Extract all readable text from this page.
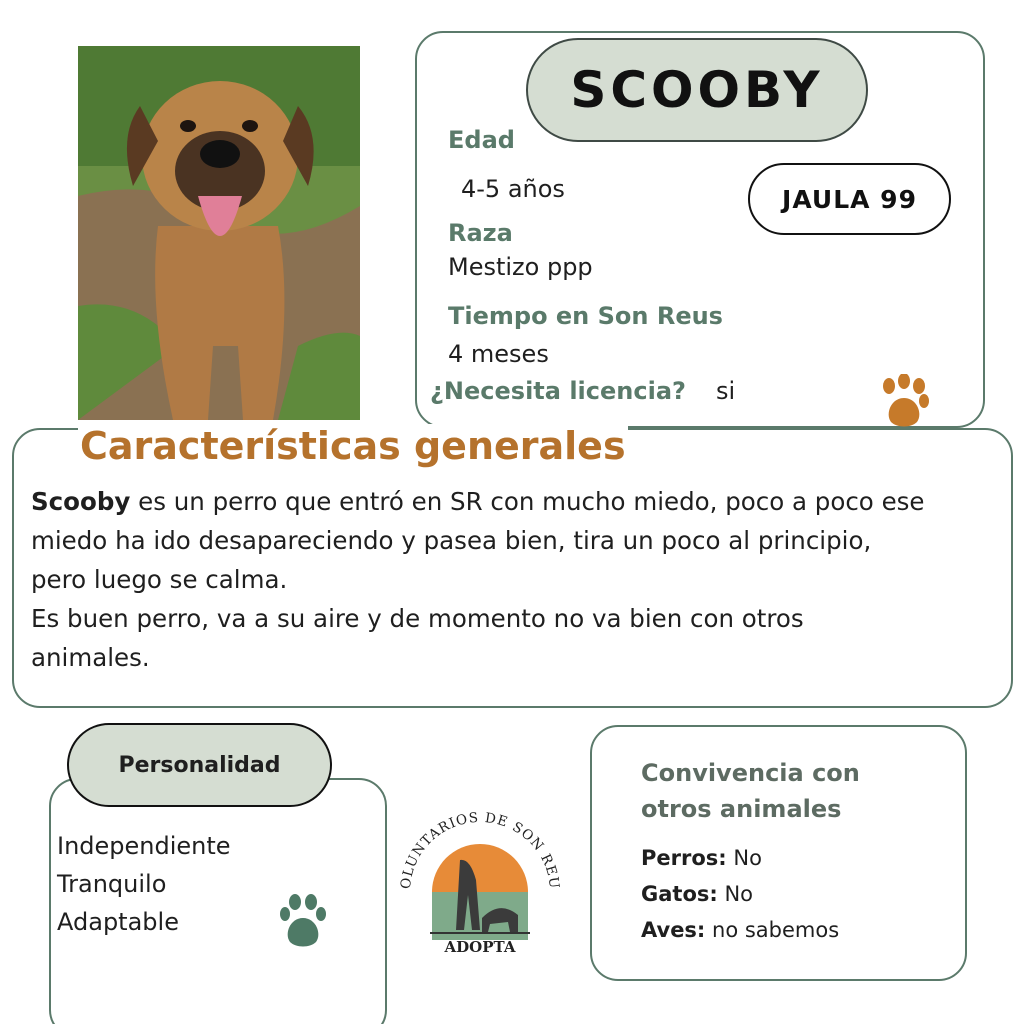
SCOOBY
JAULA 99
Edad
4-5 años
Raza
Mestizo ppp
Tiempo en Son Reus
4 meses
¿Necesita licencia? si
Características generales
Scooby es un perro que entró en SR con mucho miedo, poco a poco ese
miedo ha ido desapareciendo y pasea bien, tira un poco al principio,
pero luego se calma.
Es buen perro, va a su aire y de momento no va bien con otros
animales.
Personalidad
Independiente
Tranquilo
Adaptable
OLUNTARIOS DE SON REU
ADOPTA
Convivencia con
otros animales
Perros: No
Gatos: No
Aves: no sabemos
